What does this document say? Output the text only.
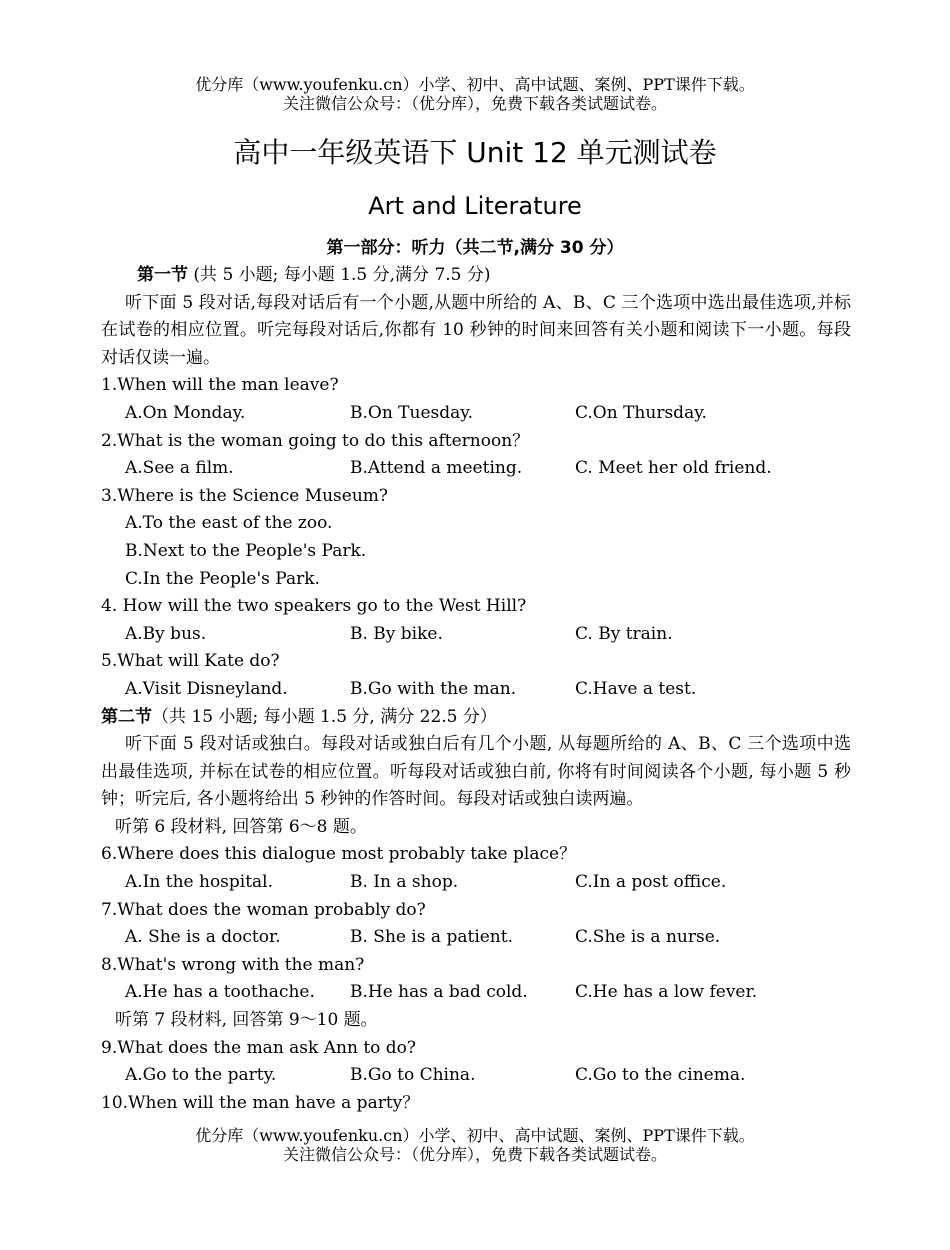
优分库（www.youfenku.cn）小学、初中、高中试题、案例、PPT课件下载。
关注微信公众号：（优分库），免费下载各类试题试卷。
高中一年级英语下 Unit 12 单元测试卷
Art and Literature
第一部分：听力（共二节,满分 30 分）
第一节 (共 5 小题; 每小题 1.5 分,满分 7.5 分)
听下面 5 段对话,每段对话后有一个小题,从题中所给的 A、B、C 三个选项中选出最佳选项,并标在试卷的相应位置。听完每段对话后,你都有 10 秒钟的时间来回答有关小题和阅读下一小题。每段对话仅读一遍。
1.When will the man leave?
A.On Monday.	B.On Tuesday.	C.On Thursday.
2.What is the woman going to do this afternoon？
A.See a film.	B.Attend a meeting.	C. Meet her old friend.
3.Where is the Science Museum?
A.To the east of the zoo.
B.Next to the People's Park.
C.In the People's Park.
4. How will the two speakers go to the West Hill?
A.By bus.	B. By bike.	C. By train.
5.What will Kate do?
A.Visit Disneyland.	B.Go with the man.	C.Have a test.
第二节（共 15 小题; 每小题 1.5 分, 满分 22.5 分）
听下面 5 段对话或独白。每段对话或独白后有几个小题, 从每题所给的 A、B、C 三个选项中选出最佳选项, 并标在试卷的相应位置。听每段对话或独白前, 你将有时间阅读各个小题, 每小题 5 秒钟；听完后, 各小题将给出 5 秒钟的作答时间。每段对话或独白读两遍。
听第 6 段材料, 回答第 6～8 题。
6.Where does this dialogue most probably take place？
A.In the hospital.	B. In a shop.	C.In a post office.
7.What does the woman probably do?
A. She is a doctor.	B. She is a patient.	C.She is a nurse.
8.What's wrong with the man?
A.He has a toothache.	B.He has a bad cold.	C.He has a low fever.
听第 7 段材料, 回答第 9～10 题。
9.What does the man ask Ann to do?
A.Go to the party.	B.Go to China.	C.Go to the cinema.
10.When will the man have a party？
优分库（www.youfenku.cn）小学、初中、高中试题、案例、PPT课件下载。
关注微信公众号：（优分库），免费下载各类试题试卷。
